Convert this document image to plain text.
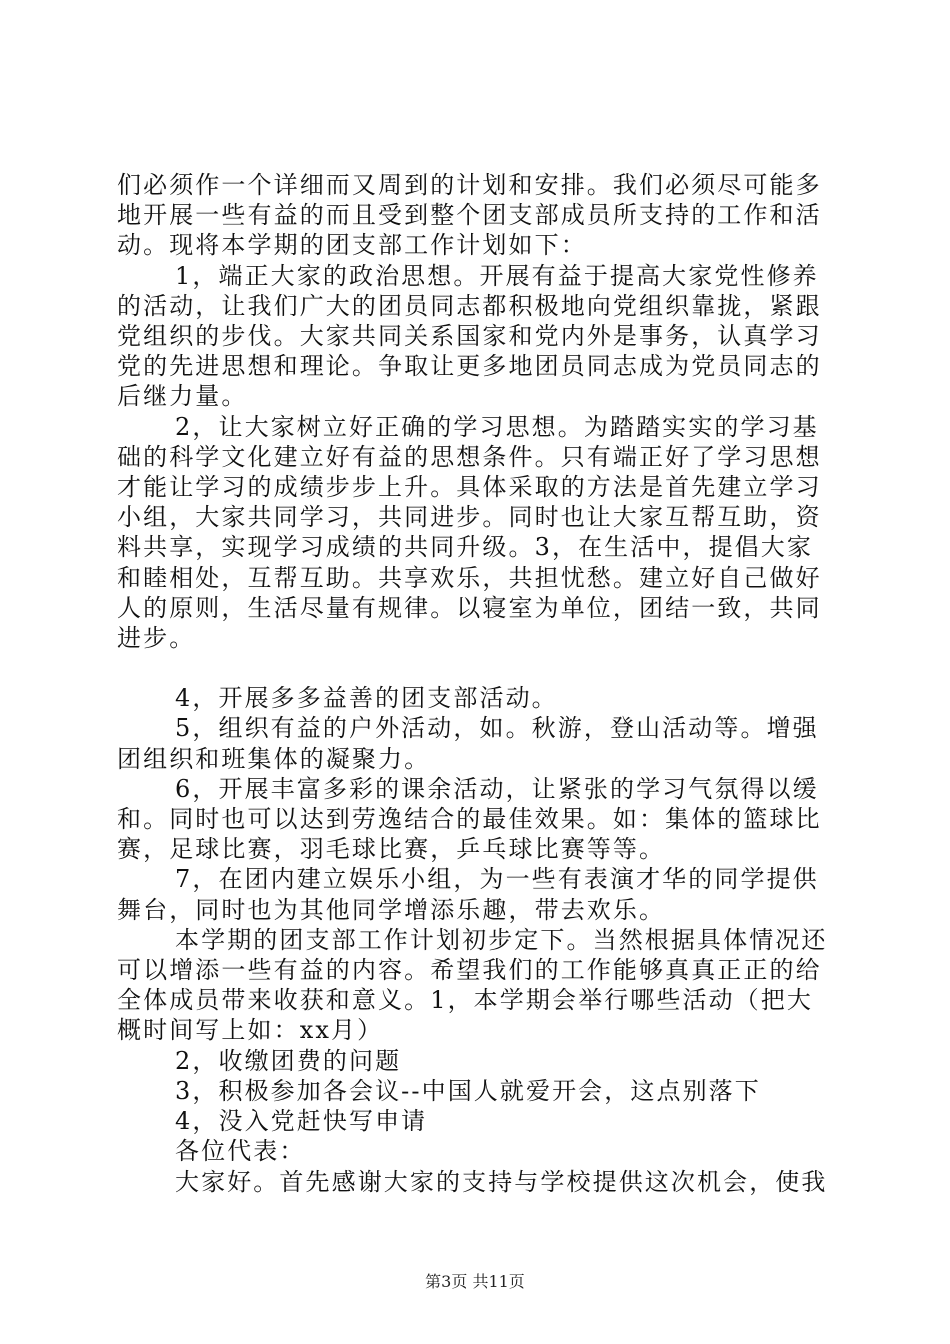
们必须作一个详细而又周到的计划和安排。我们必须尽可能多地开展一些有益的而且受到整个团支部成员所支持的工作和活动。现将本学期的团支部工作计划如下：

1，端正大家的政治思想。开展有益于提高大家党性修养的活动，让我们广大的团员同志都积极地向党组织靠拢，紧跟党组织的步伐。大家共同关系国家和党内外是事务，认真学习党的先进思想和理论。争取让更多地团员同志成为党员同志的后继力量。

2，让大家树立好正确的学习思想。为踏踏实实的学习基础的科学文化建立好有益的思想条件。只有端正好了学习思想才能让学习的成绩步步上升。具体采取的方法是首先建立学习小组，大家共同学习，共同进步。同时也让大家互帮互助，资料共享，实现学习成绩的共同升级。3，在生活中，提倡大家和睦相处，互帮互助。共享欢乐，共担忧愁。建立好自己做好人的原则，生活尽量有规律。以寝室为单位，团结一致，共同进步。

4，开展多多益善的团支部活动。

5，组织有益的户外活动，如。秋游，登山活动等。增强团组织和班集体的凝聚力。

6，开展丰富多彩的课余活动，让紧张的学习气氛得以缓和。同时也可以达到劳逸结合的最佳效果。如：集体的篮球比赛，足球比赛，羽毛球比赛，乒乓球比赛等等。

7，在团内建立娱乐小组，为一些有表演才华的同学提供舞台，同时也为其他同学增添乐趣，带去欢乐。

本学期的团支部工作计划初步定下。当然根据具体情况还可以增添一些有益的内容。希望我们的工作能够真真正正的给全体成员带来收获和意义。1，本学期会举行哪些活动（把大概时间写上如：xx月）

2，收缴团费的问题

3，积极参加各会议--中国人就爱开会，这点别落下

4，没入党赶快写申请

各位代表：

大家好。首先感谢大家的支持与学校提供这次机会，使我

第3页 共11页
